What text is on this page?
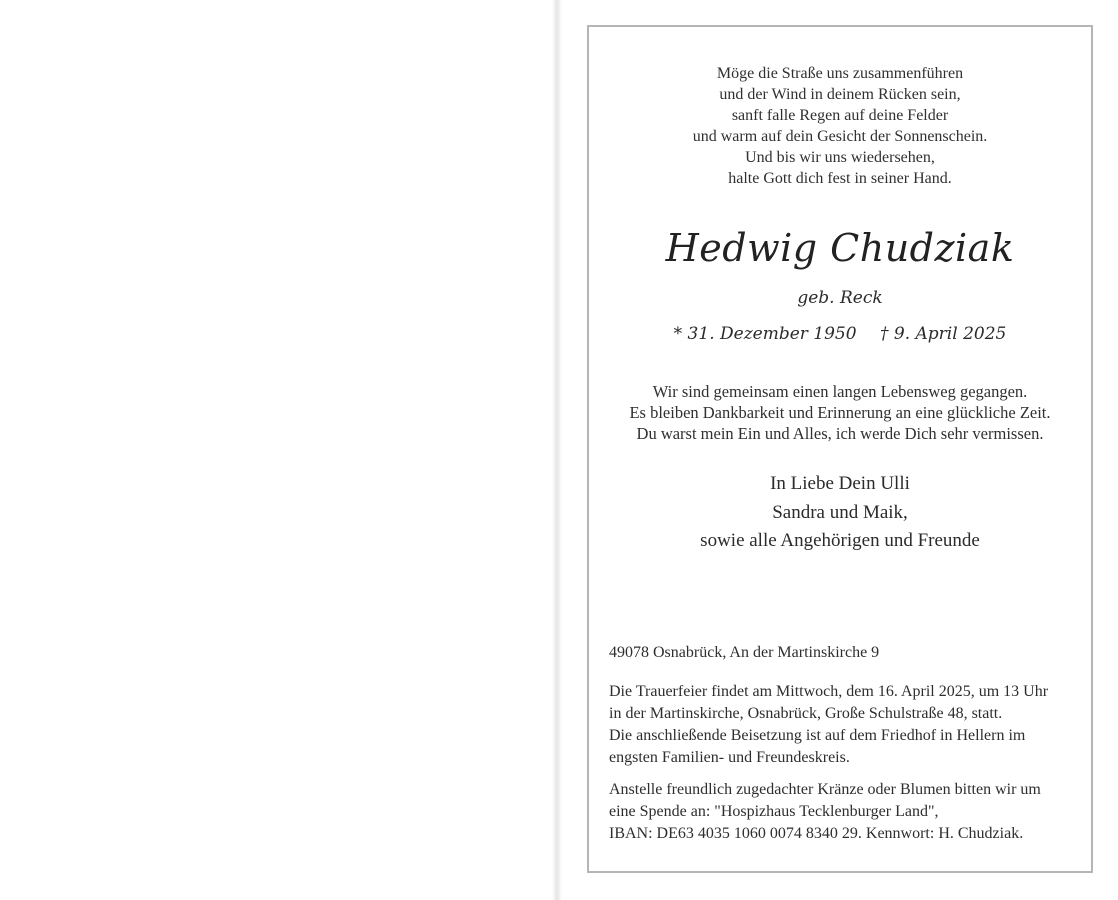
Möge die Straße uns zusammenführen
und der Wind in deinem Rücken sein,
sanft falle Regen auf deine Felder
und warm auf dein Gesicht der Sonnenschein.
Und bis wir uns wiedersehen,
halte Gott dich fest in seiner Hand.
Hedwig Chudziak
geb. Reck
* 31. Dezember 1950 † 9. April 2025
Wir sind gemeinsam einen langen Lebensweg gegangen.
Es bleiben Dankbarkeit und Erinnerung an eine glückliche Zeit.
Du warst mein Ein und Alles, ich werde Dich sehr vermissen.
In Liebe Dein Ulli
Sandra und Maik,
sowie alle Angehörigen und Freunde

49078 Osnabrück, An der Martinskirche 9

Die Trauerfeier findet am Mittwoch, dem 16. April 2025, um 13 Uhr
in der Martinskirche, Osnabrück, Große Schulstraße 48, statt.
Die anschließende Beisetzung ist auf dem Friedhof in Hellern im
engsten Familien- und Freundeskreis.

Anstelle freundlich zugedachter Kränze oder Blumen bitten wir um
eine Spende an: "Hospizhaus Tecklenburger Land",
IBAN: DE63 4035 1060 0074 8340 29. Kennwort: H. Chudziak.
